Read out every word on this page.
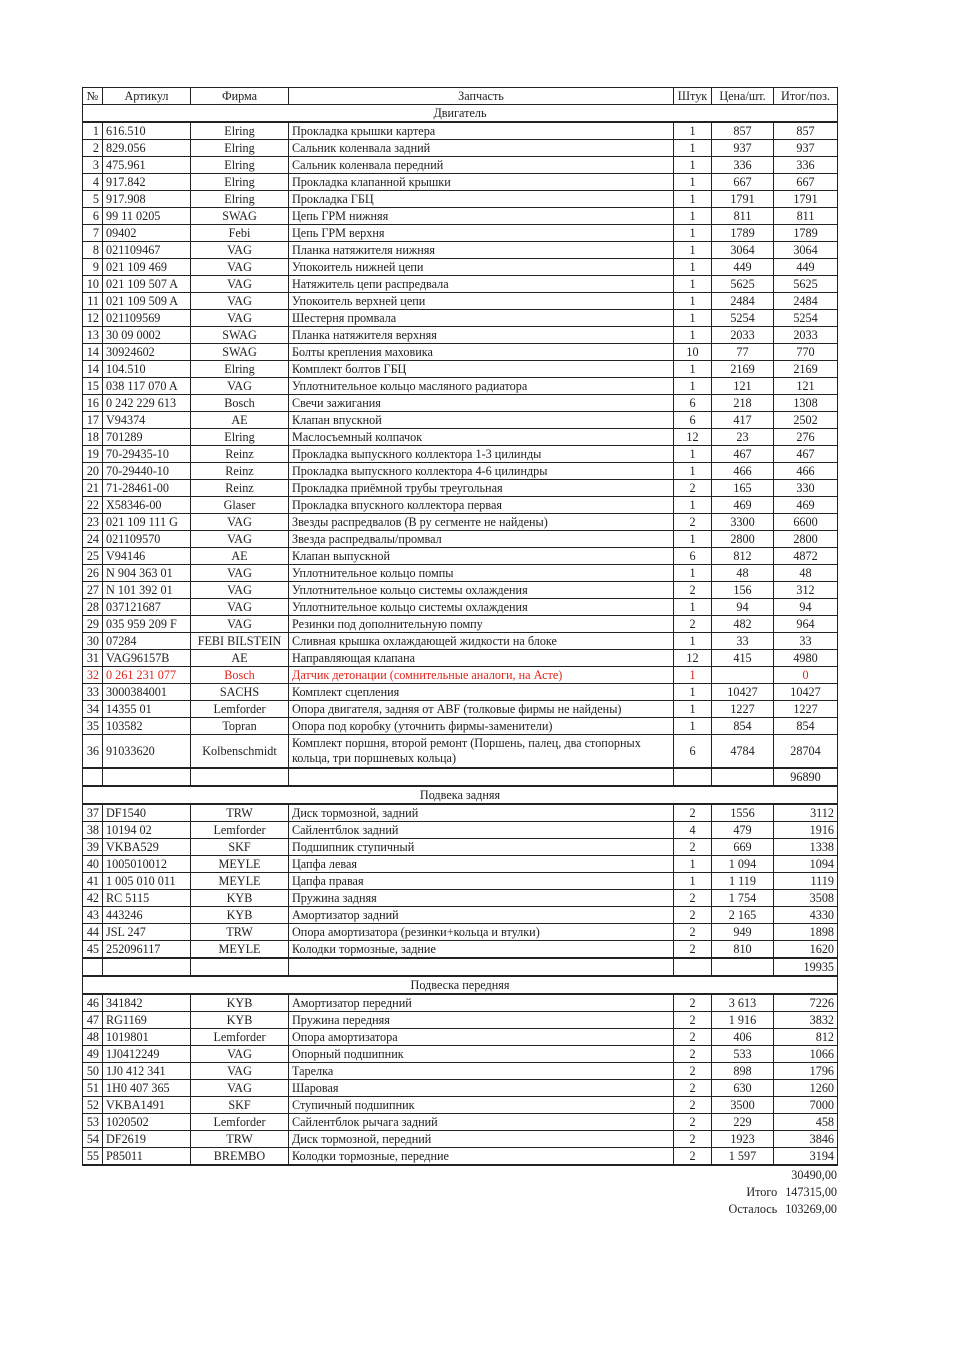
№	Артикул	Фирма	Запчасть	Штук	Цена/шт.	Итог/поз.
Двигатель						
1	616.510	Elring	Прокладка крышки картера	1	857	857
2	829.056	Elring	Сальник коленвала задний	1	937	937
3	475.961	Elring	Сальник коленвала передний	1	336	336
4	917.842	Elring	Прокладка клапанной крышки	1	667	667
5	917.908	Elring	Прокладка ГБЦ	1	1791	1791
6	99 11 0205	SWAG	Цепь ГРМ нижняя	1	811	811
7	09402	Febi	Цепь ГРМ верхня	1	1789	1789
8	021109467	VAG	Планка натяжителя нижняя	1	3064	3064
9	021 109 469	VAG	Упокоитель нижней цепи	1	449	449
10	021 109 507 A	VAG	Натяжитель цепи распредвала	1	5625	5625
11	021 109 509 A	VAG	Упокоитель верхней цепи	1	2484	2484
12	021109569	VAG	Шестерня промвала	1	5254	5254
13	30 09 0002	SWAG	Планка натяжителя верхняя	1	2033	2033
14	30924602	SWAG	Болты крепления маховика	10	77	770
14	104.510	Elring	Комплект болтов ГБЦ	1	2169	2169
15	038 117 070 A	VAG	Уплотнительное кольцо масляного радиатора	1	121	121
16	0 242 229 613	Bosch	Свечи зажигания	6	218	1308
17	V94374	AE	Клапан впускной	6	417	2502
18	701289	Elring	Маслосъемный колпачок	12	23	276
19	70-29435-10	Reinz	Прокладка выпускного коллектора 1-3 цилинды	1	467	467
20	70-29440-10	Reinz	Прокладка выпускного коллектора 4-6 цилиндры	1	466	466
21	71-28461-00	Reinz	Прокладка приёмной трубы треугольная	2	165	330
22	X58346-00	Glaser	Прокладка впускного коллектора первая	1	469	469
23	021 109 111 G	VAG	Звезды распредвалов (В ру сегменте не найдены)	2	3300	6600
24	021109570	VAG	Звезда распредвалы/промвал	1	2800	2800
25	V94146	AE	Клапан выпускной	6	812	4872
26	N 904 363 01	VAG	Уплотнительное кольцо помпы	1	48	48
27	N 101 392 01	VAG	Уплотнительное кольцо системы охлаждения	2	156	312
28	037121687	VAG	Уплотнительное кольцо системы охлаждения	1	94	94
29	035 959 209 F	VAG	Резинки под дополнительную помпу	2	482	964
30	07284	FEBI BILSTEIN	Сливная крышка охлаждающей жидкости на блоке	1	33	33
31	VAG96157B	AE	Направляющая клапана	12	415	4980
32	0 261 231 077	Bosch	Датчик детонации (сомнительные аналоги, на Асте)	1		0
33	3000384001	SACHS	Комплект сцепления	1	10427	10427
34	14355 01	Lemforder	Опора двигателя, задняя от ABF (толковые фирмы не найдены)	1	1227	1227
35	103582	Topran	Опора под коробку (уточнить фирмы-заменители)	1	854	854
36	91033620	Kolbenschmidt	Комплект поршня, второй ремонт (Поршень, палец, два стопорных кольца, три поршневых кольца)	6	4784	28704
						96890
Подвека задняя						
37	DF1540	TRW	Диск тормозной, задний	2	1556	3112
38	10194 02	Lemforder	Сайлентблок задний	4	479	1916
39	VKBA529	SKF	Подшипник ступичный	2	669	1338
40	1005010012	MEYLE	Цапфа левая	1	1 094	1094
41	1 005 010 011	MEYLE	Цапфа правая	1	1 119	1119
42	RC 5115	KYB	Пружина задняя	2	1 754	3508
43	443246	KYB	Амортизатор задний	2	2 165	4330
44	JSL 247	TRW	Опора амортизатора (резинки+кольца и втулки)	2	949	1898
45	252096117	MEYLE	Колодки тормозные, задние	2	810	1620
						19935
Подвеска передняя						
46	341842	KYB	Амортизатор передний	2	3 613	7226
47	RG1169	KYB	Пружина передняя	2	1 916	3832
48	1019801	Lemforder	Опора амортизатора	2	406	812
49	1J0412249	VAG	Опорный подшипник	2	533	1066
50	1J0 412 341	VAG	Тарелка	2	898	1796
51	1H0 407 365	VAG	Шаровая	2	630	1260
52	VKBA1491	SKF	Ступичный подшипник	2	3500	7000
53	1020502	Lemforder	Сайлентблок рычага задний	2	229	458
54	DF2619	TRW	Диск тормозной, передний	2	1923	3846
55	P85011	BREMBO	Колодки тормозные, передние	2	1 597	3194
30490,00
Итого 147315,00
Осталось 103269,00
